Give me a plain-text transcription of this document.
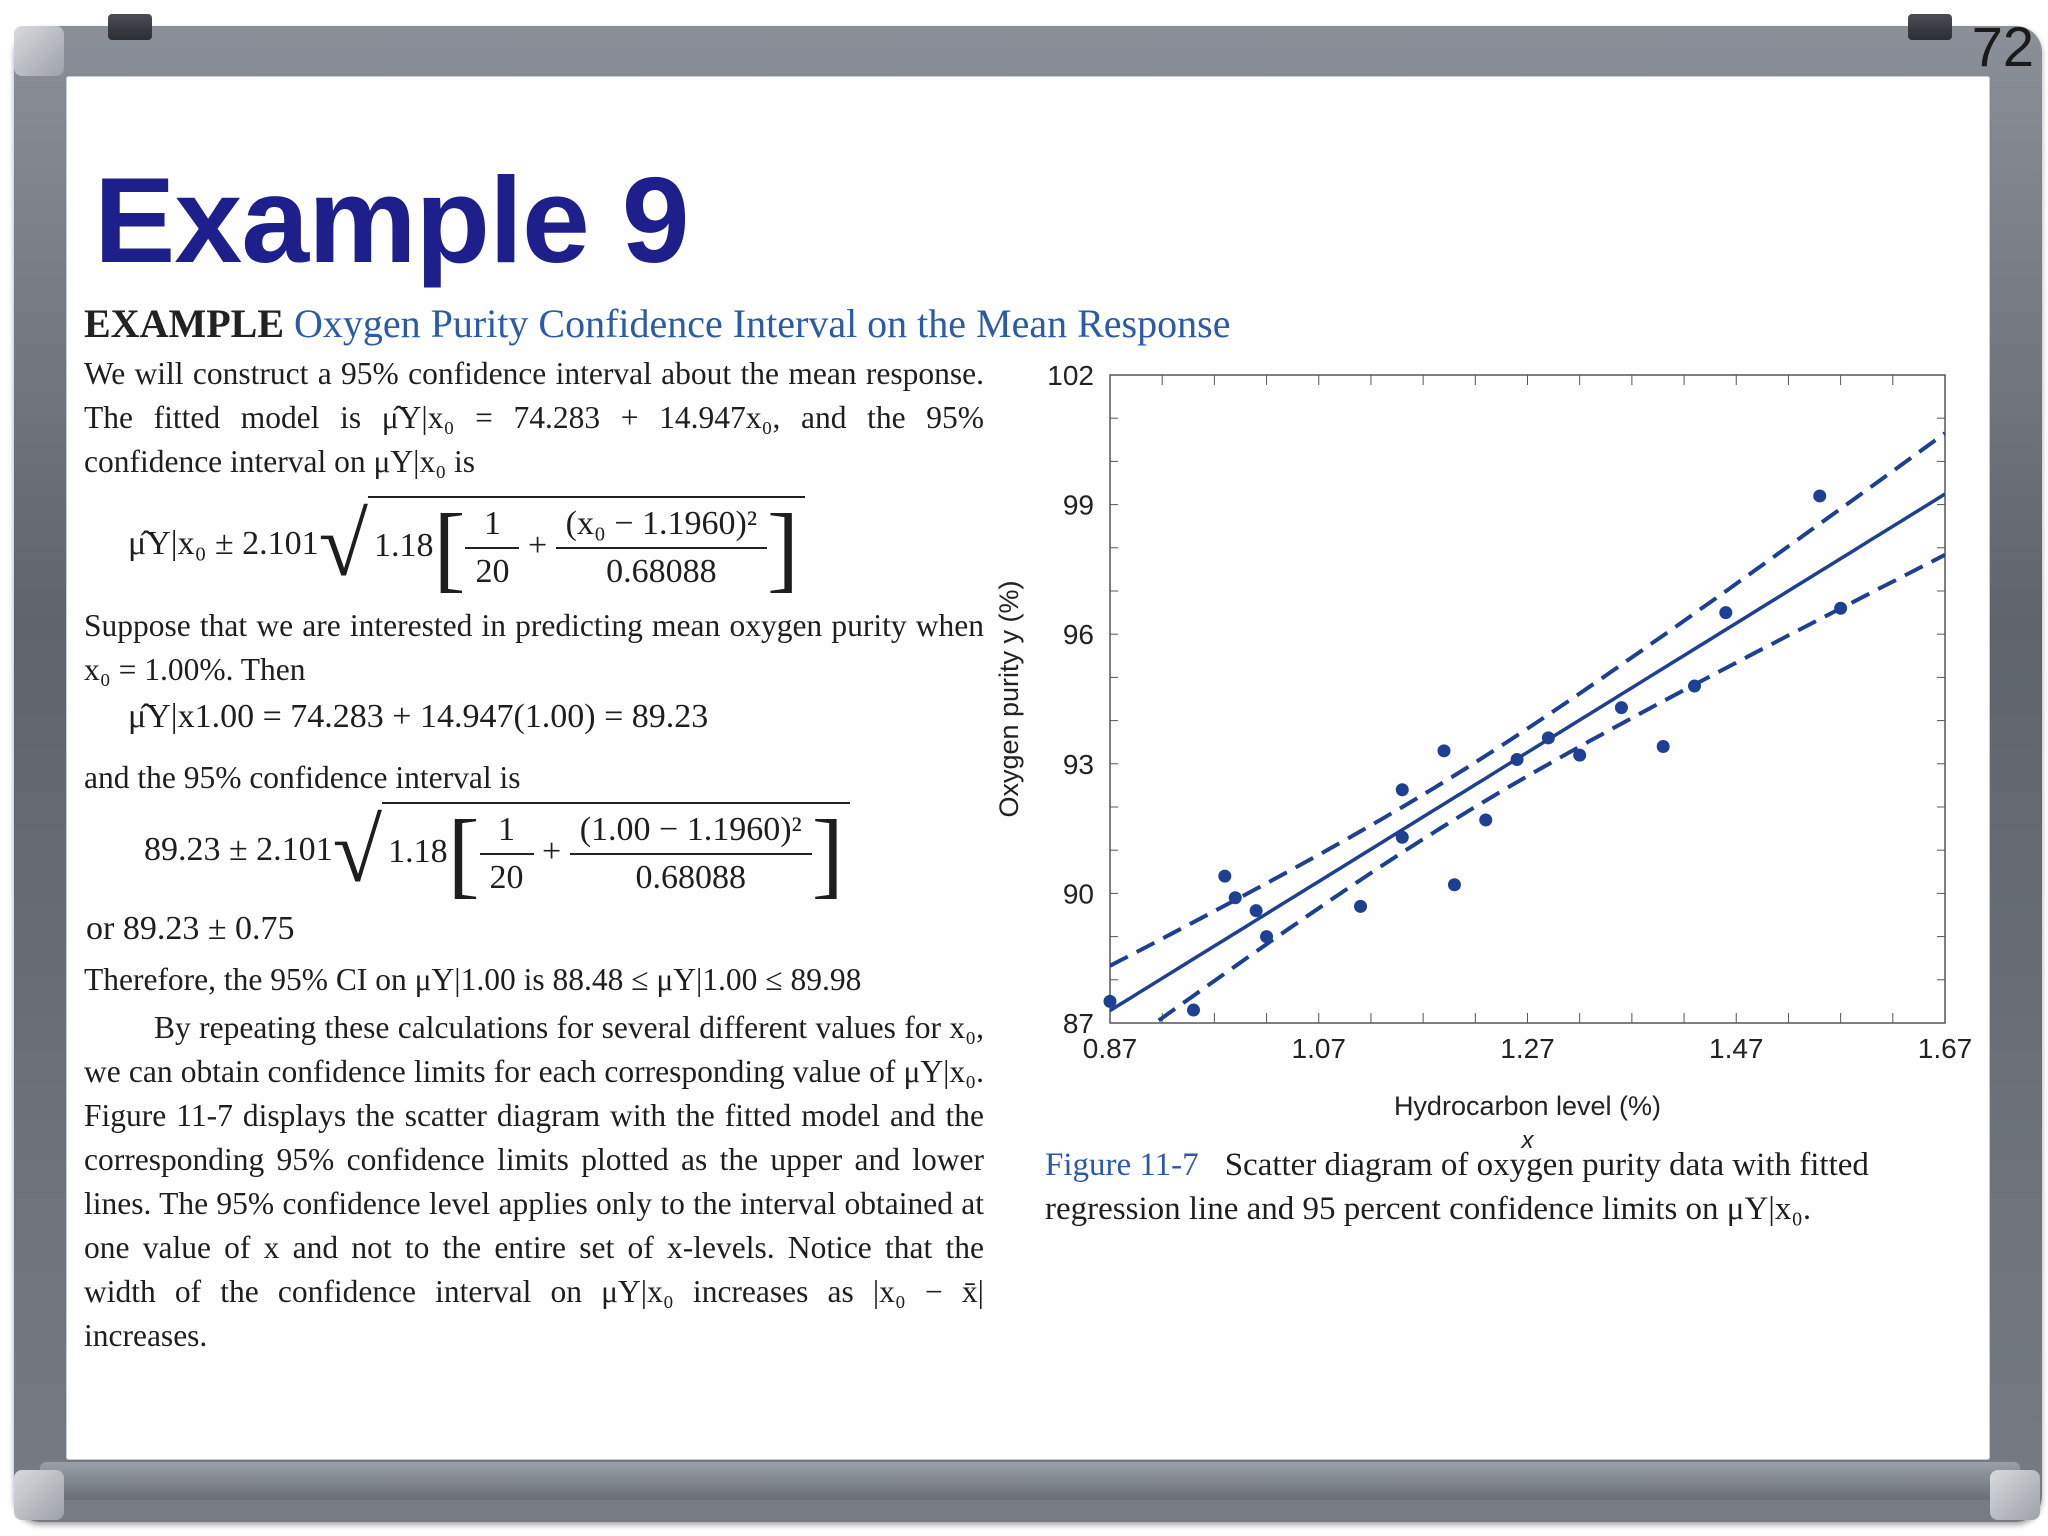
72
Example 9
EXAMPLE Oxygen Purity Confidence Interval on the Mean Response
We will construct a 95% confidence interval about the mean response. The fitted model is μ̂Y|x₀ = 74.283 + 14.947x₀, and the 95% confidence interval on μY|x₀ is
μ̂Y|x₀ ± 2.101√ $1.18[ \frac{1}{20} + \frac{\text{(x₀ − 1.1960)²}}{0.68088}$ ]
Suppose that we are interested in predicting mean oxygen purity when x₀ = 1.00%. Then
μ̂Y|x1.00 = 74.283 + 14.947(1.00) = 89.23
and the 95% confidence interval is
89.23 ± 2.101√ $1.18[ \frac{1}{20} + \frac{\text{(1.00 − 1.1960)²}}{0.68088}$ ]
or 89.23 ± 0.75
Therefore, the 95% CI on μY|1.00 is 88.48 ≤ μY|1.00 ≤ 89.98
By repeating these calculations for several different values for x₀, we can obtain confidence limits for each corresponding value of μY|x₀. Figure 11-7 displays the scatter diagram with the fitted model and the corresponding 95% confidence limits plotted as the upper and lower lines. The 95% confidence level applies only to the interval obtained at one value of x and not to the entire set of x-levels. Notice that the width of the confidence interval on μY|x₀ increases as |x₀ − x̄| increases.
0.87	1.07	1.27	1.47	1.67
87
90
93
96
99
102
Hydrocarbon level (%)
x
Oxygen purity y (%)
Figure 11-7 Scatter diagram of oxygen purity data with fitted regression line and 95 percent confidence limits on μY|x₀.
